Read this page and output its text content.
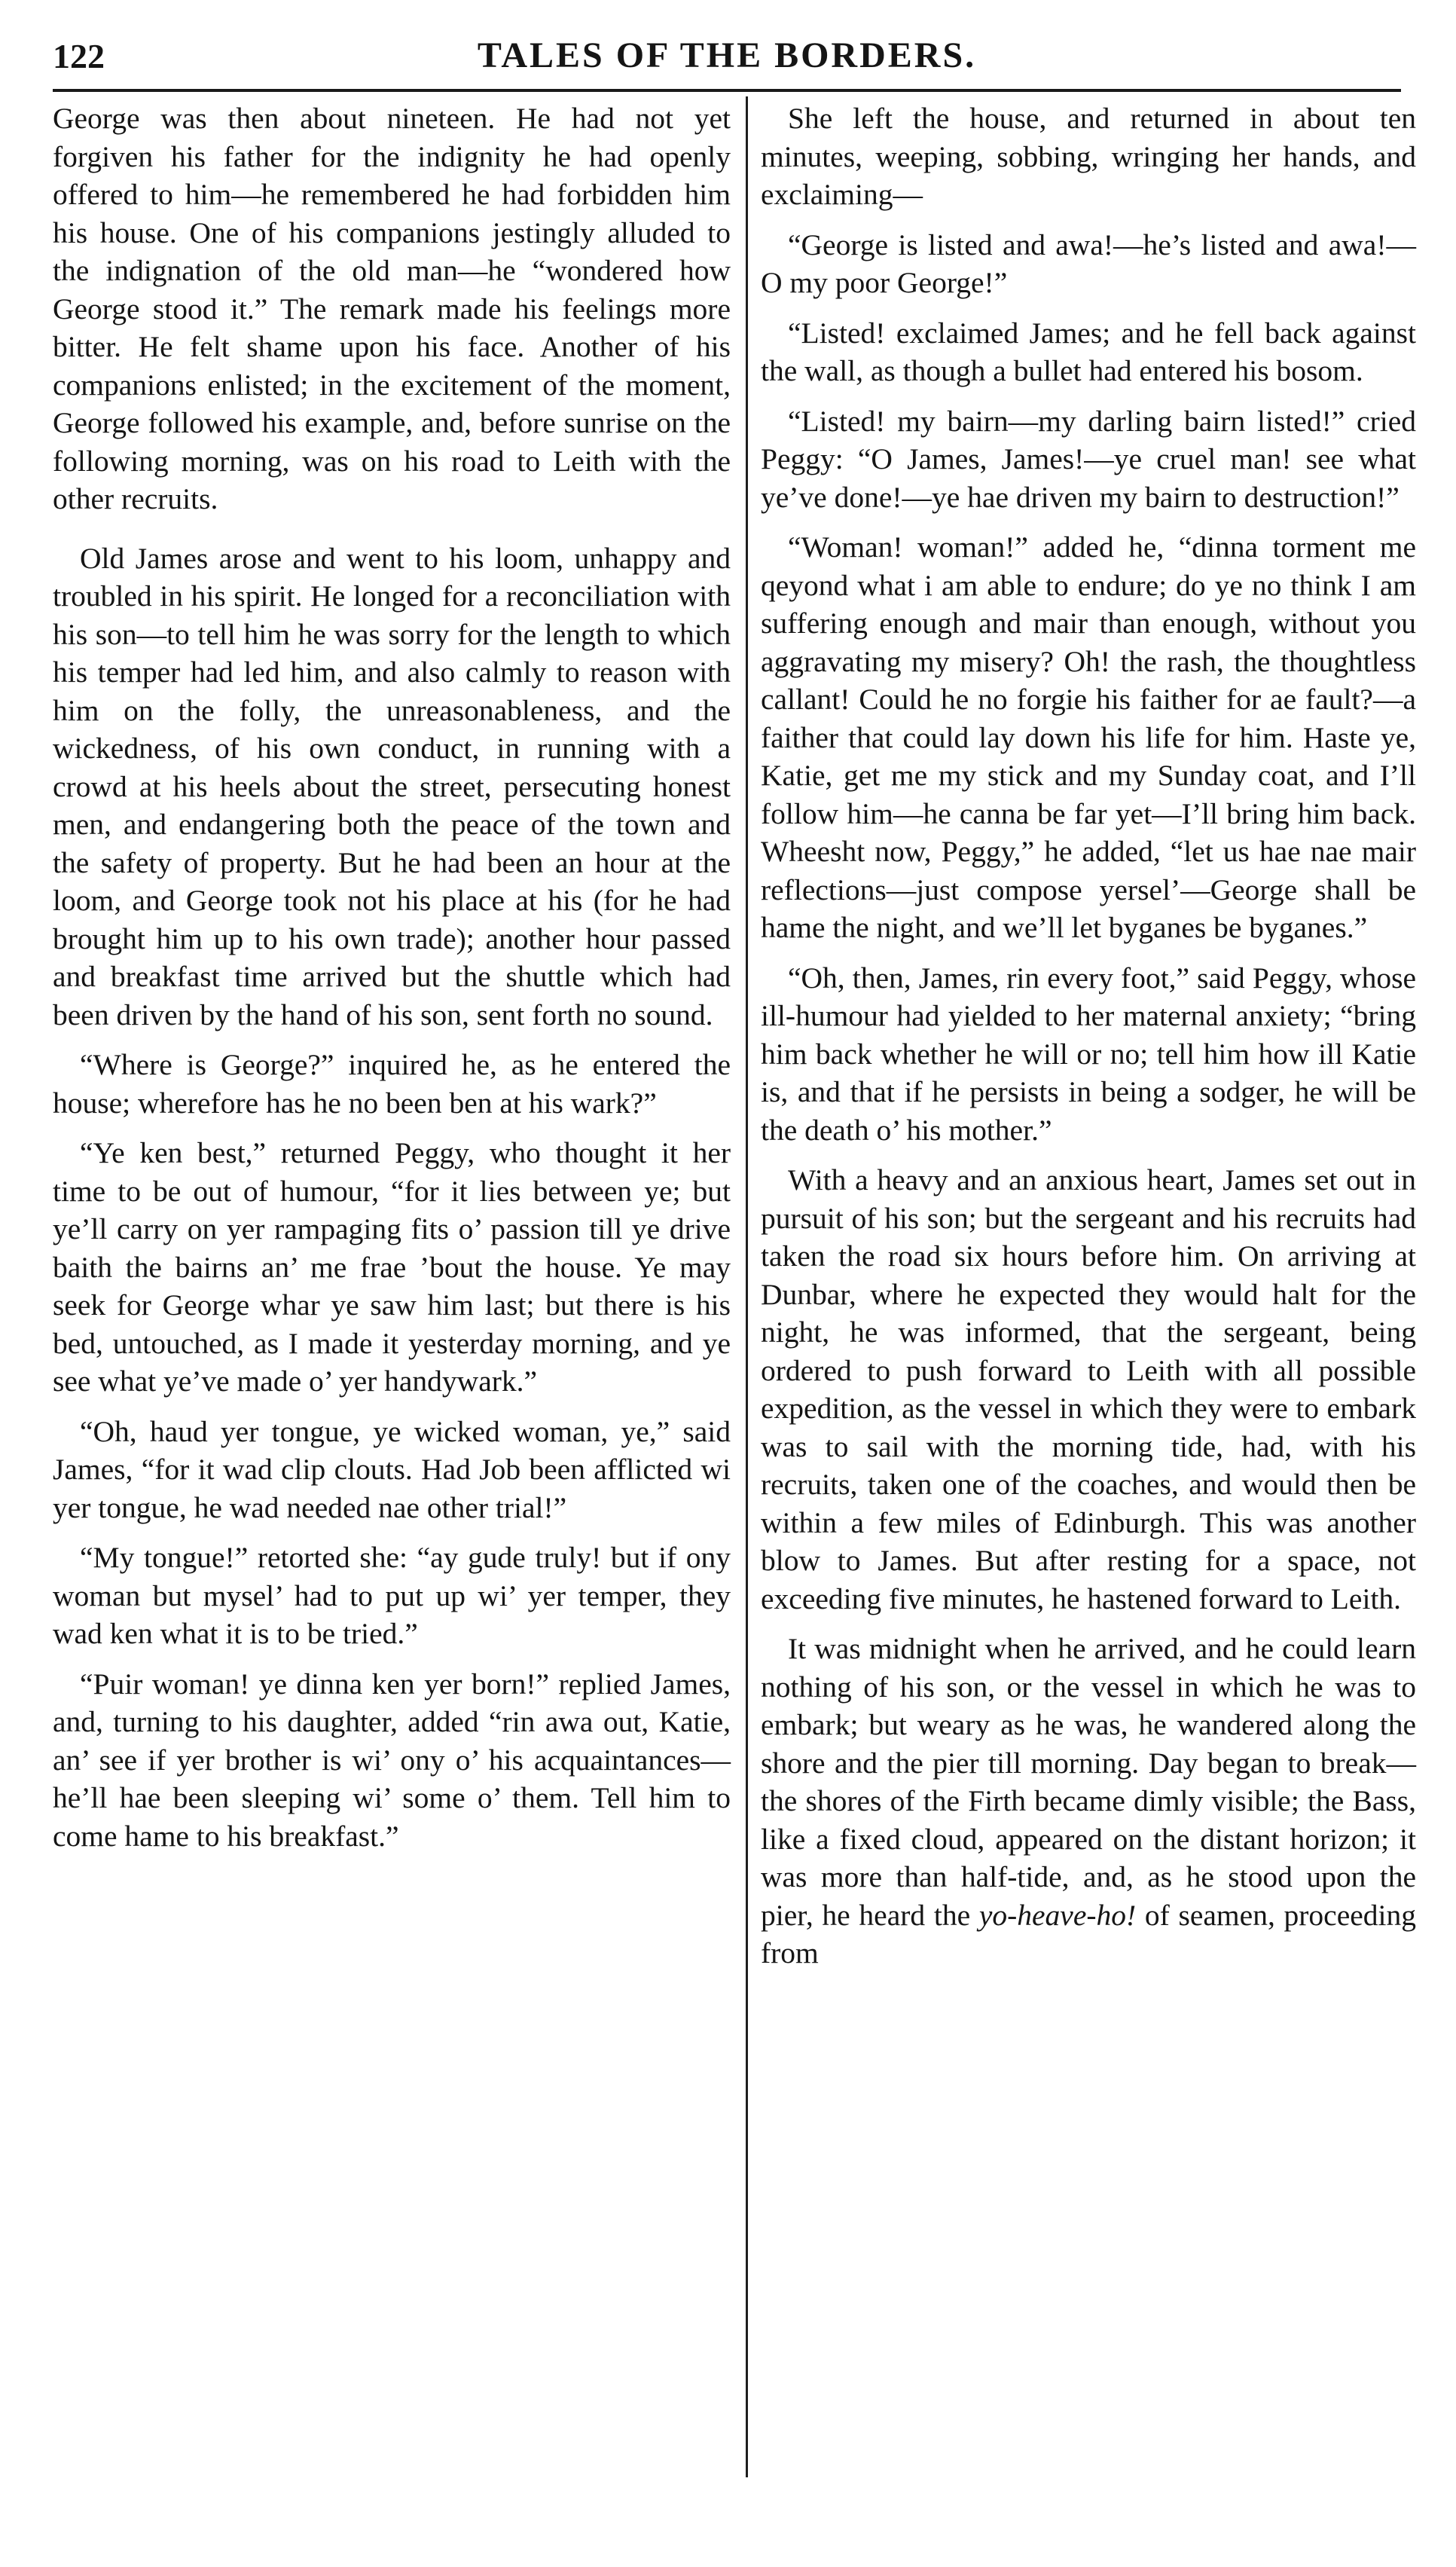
122	TALES OF THE BORDERS.

George was then about nineteen. He had not yet forgiven his father for the indignity he had openly offered to him—he remembered he had forbidden him his house. One of his companions jestingly alluded to the indignation of the old man—he “wondered how George stood it.” The remark made his feelings more bitter. He felt shame upon his face. Another of his companions enlisted; in the excitement of the moment, George followed his example, and, before sunrise on the following morning, was on his road to Leith with the other recruits.

Old James arose and went to his loom, unhappy and troubled in his spirit. He longed for a reconciliation with his son—to tell him he was sorry for the length to which his temper had led him, and also calmly to reason with him on the folly, the unreasonableness, and the wickedness, of his own conduct, in running with a crowd at his heels about the street, persecuting honest men, and endangering both the peace of the town and the safety of property. But he had been an hour at the loom, and George took not his place at his (for he had brought him up to his own trade); another hour passed and breakfast time arrived but the shuttle which had been driven by the hand of his son, sent forth no sound.

“Where is George?” inquired he, as he entered the house; wherefore has he no been ben at his wark?”

“Ye ken best,” returned Peggy, who thought it her time to be out of humour, “for it lies between ye; but ye’ll carry on yer rampaging fits o’ passion till ye drive baith the bairns an’ me frae ’bout the house. Ye may seek for George whar ye saw him last; but there is his bed, untouched, as I made it yesterday morning, and ye see what ye’ve made o’ yer handywark.”

“Oh, haud yer tongue, ye wicked woman, ye,” said James, “for it wad clip clouts. Had Job been afflicted wi yer tongue, he wad needed nae other trial!”

“My tongue!” retorted she: “ay gude truly! but if ony woman but mysel’ had to put up wi’ yer temper, they wad ken what it is to be tried.”

“Puir woman! ye dinna ken yer born!” replied James, and, turning to his daughter, added “rin awa out, Katie, an’ see if yer brother is wi’ ony o’ his acquaintances—he’ll hae been sleeping wi’ some o’ them. Tell him to come hame to his breakfast.”

She left the house, and returned in about ten minutes, weeping, sobbing, wringing her hands, and exclaiming—

“George is listed and awa!—he’s listed and awa!—O my poor George!”

“Listed! exclaimed James; and he fell back against the wall, as though a bullet had entered his bosom.

“Listed! my bairn—my darling bairn listed!” cried Peggy: “O James, James!—ye cruel man! see what ye’ve done!—ye hae driven my bairn to destruction!”

“Woman! woman!” added he, “dinna torment me qeyond what i am able to endure; do ye no think I am suffering enough and mair than enough, without you aggravating my misery? Oh! the rash, the thoughtless callant! Could he no forgie his faither for ae fault?—a faither that could lay down his life for him. Haste ye, Katie, get me my stick and my Sunday coat, and I’ll follow him—he canna be far yet—I’ll bring him back. Wheesht now, Peggy,” he added, “let us hae nae mair reflections—just compose yersel’—George shall be hame the night, and we’ll let byganes be byganes.”

“Oh, then, James, rin every foot,” said Peggy, whose ill-humour had yielded to her maternal anxiety; “bring him back whether he will or no; tell him how ill Katie is, and that if he persists in being a sodger, he will be the death o’ his mother.”

With a heavy and an anxious heart, James set out in pursuit of his son; but the sergeant and his recruits had taken the road six hours before him. On arriving at Dunbar, where he expected they would halt for the night, he was informed, that the sergeant, being ordered to push forward to Leith with all possible expedition, as the vessel in which they were to embark was to sail with the morning tide, had, with his recruits, taken one of the coaches, and would then be within a few miles of Edinburgh. This was another blow to James. But after resting for a space, not exceeding five minutes, he hastened forward to Leith.

It was midnight when he arrived, and he could learn nothing of his son, or the vessel in which he was to embark; but weary as he was, he wandered along the shore and the pier till morning. Day began to break—the shores of the Firth became dimly visible; the Bass, like a fixed cloud, appeared on the distant horizon; it was more than half-tide, and, as he stood upon the pier, he heard the yo-heave-ho! of seamen, proceeding from
